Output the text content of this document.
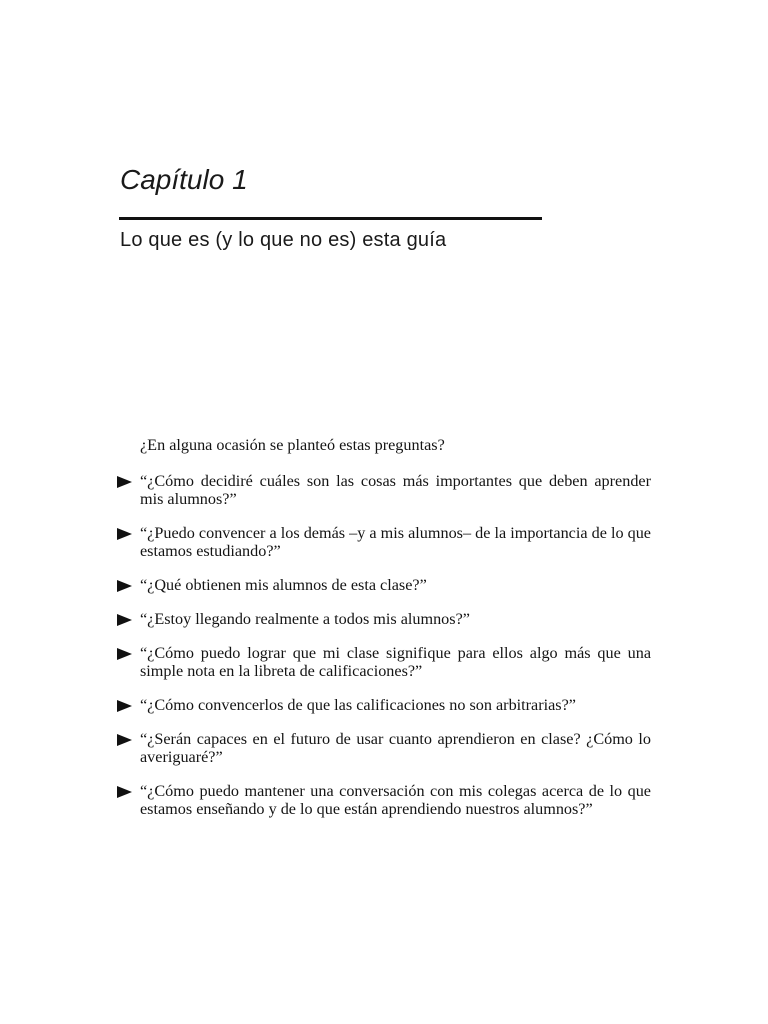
Capítulo 1
Lo que es (y lo que no es) esta guía

¿En alguna ocasión se planteó estas preguntas?

“¿Cómo decidiré cuáles son las cosas más importantes que deben aprender mis alumnos?”
“¿Puedo convencer a los demás –y a mis alumnos– de la importancia de lo que estamos estudiando?”
“¿Qué obtienen mis alumnos de esta clase?”
“¿Estoy llegando realmente a todos mis alumnos?”
“¿Cómo puedo lograr que mi clase signifique para ellos algo más que una simple nota en la libreta de calificaciones?”
“¿Cómo convencerlos de que las calificaciones no son arbitrarias?”
“¿Serán capaces en el futuro de usar cuanto aprendieron en clase? ¿Cómo lo averiguaré?”
“¿Cómo puedo mantener una conversación con mis colegas acerca de lo que estamos enseñando y de lo que están aprendiendo nuestros alumnos?”
